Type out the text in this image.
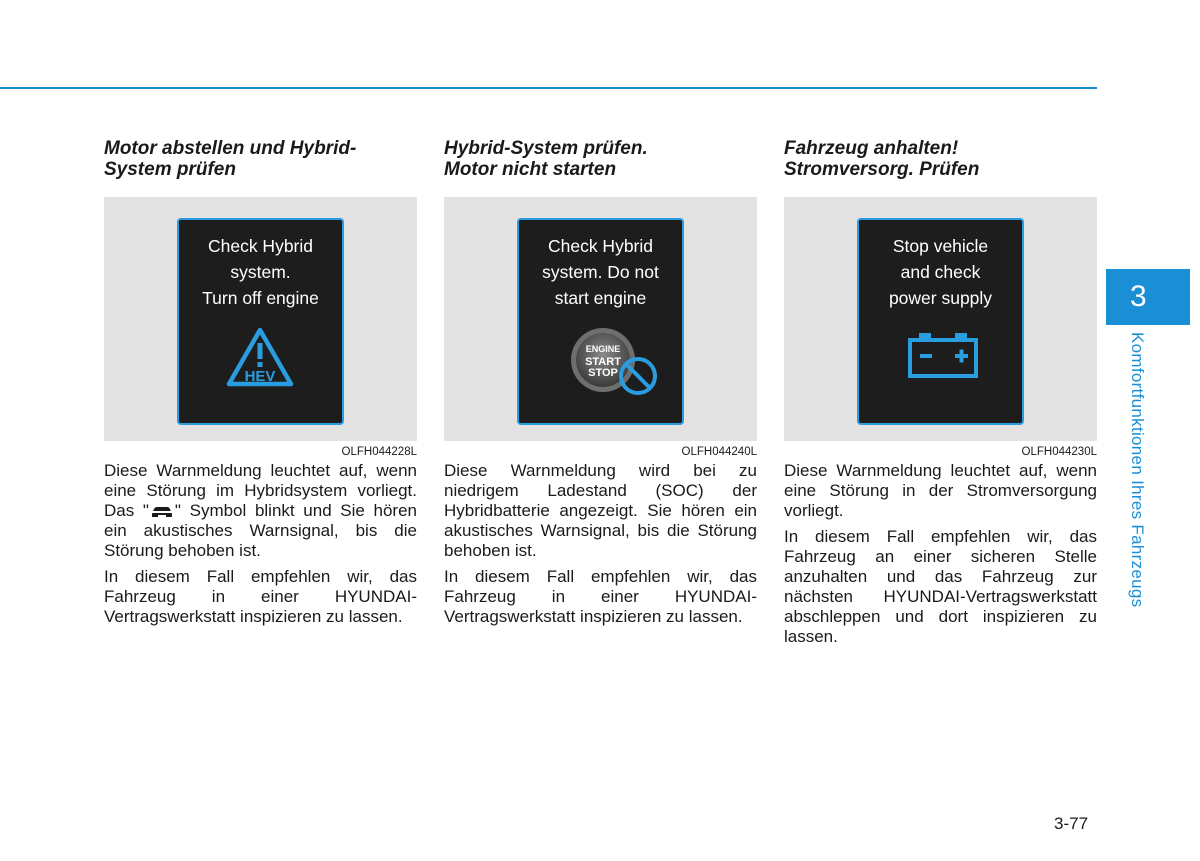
Motor abstellen und Hybrid-
System prüfen
Check Hybrid
system.
Turn off engine
HEV
OLFH044228L

Diese Warnmeldung leuchtet auf, wenn eine Störung im Hybridsystem vorliegt. Das " " Symbol blinkt und Sie hören ein akustisches Warnsignal, bis die Störung behoben ist.

In diesem Fall empfehlen wir, das Fahrzeug in einer HYUNDAI-Vertragswerkstatt inspizieren zu lassen.

Hybrid-System prüfen.
Motor nicht starten
Check Hybrid
system. Do not
start engine
ENGINE
START
STOP
OLFH044240L

Diese Warnmeldung wird bei zu niedrigem Ladestand (SOC) der Hybridbatterie angezeigt. Sie hören ein akustisches Warnsignal, bis die Störung behoben ist.

In diesem Fall empfehlen wir, das Fahrzeug in einer HYUNDAI-Vertragswerkstatt inspizieren zu lassen.

Fahrzeug anhalten!
Stromversorg. Prüfen
Stop vehicle
and check
power supply
OLFH044230L

Diese Warnmeldung leuchtet auf, wenn eine Störung in der Stromversorgung vorliegt.

In diesem Fall empfehlen wir, das Fahrzeug an einer sicheren Stelle anzuhalten und das Fahrzeug zur nächsten HYUNDAI-Vertragswerkstatt abschleppen und dort inspizieren zu lassen.

3
Komfortfunktionen Ihres Fahrzeugs
3-77
